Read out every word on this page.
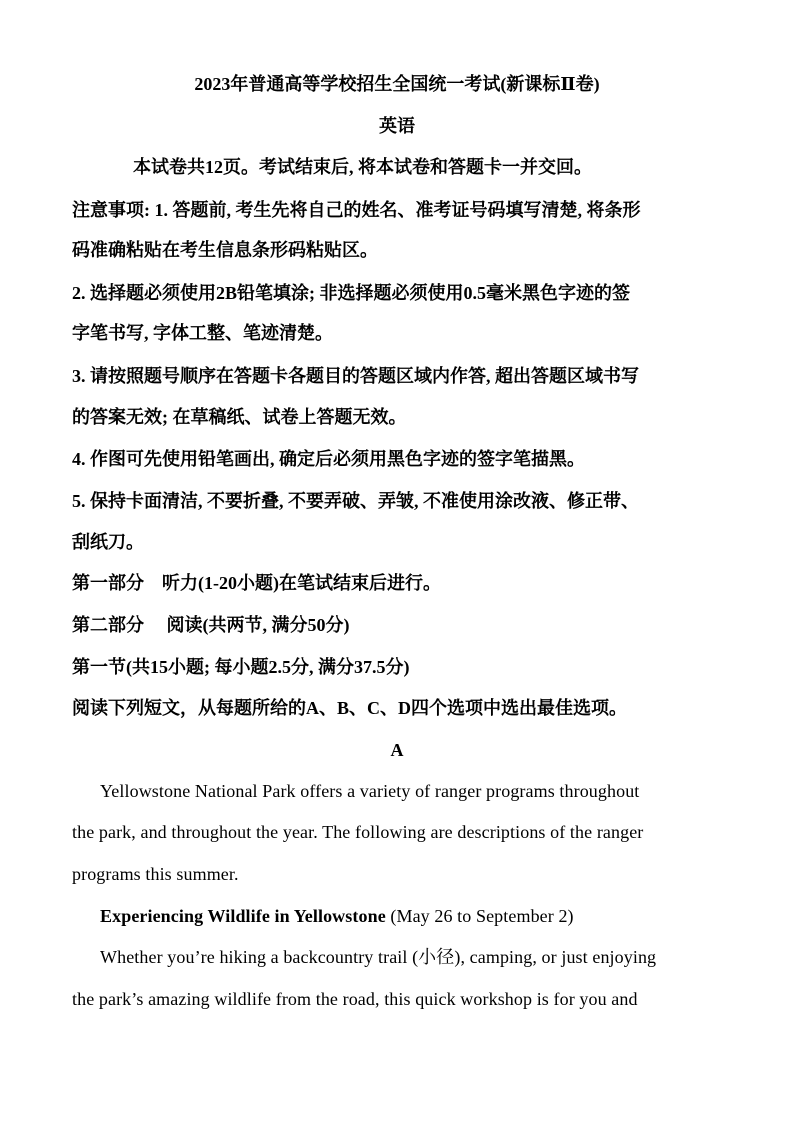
2023年普通高等学校招生全国统一考试(新课标Ⅱ卷)
英语
本试卷共12页。考试结束后, 将本试卷和答题卡一并交回。
注意事项: 1. 答题前, 考生先将自己的姓名、准考证号码填写清楚, 将条形
码准确粘贴在考生信息条形码粘贴区。
2. 选择题必须使用2B铅笔填涂; 非选择题必须使用0.5毫米黑色字迹的签
字笔书写, 字体工整、笔迹清楚。
3. 请按照题号顺序在答题卡各题目的答题区域内作答, 超出答题区域书写
的答案无效; 在草稿纸、试卷上答题无效。
4. 作图可先使用铅笔画出, 确定后必须用黑色字迹的签字笔描黑。
5. 保持卡面清洁, 不要折叠, 不要弄破、弄皱, 不准使用涂改液、修正带、
刮纸刀。
第一部分　听力(1-20小题)在笔试结束后进行。
第二部分　 阅读(共两节, 满分50分)
第一节(共15小题; 每小题2.5分, 满分37.5分)
阅读下列短文，从每题所给的A、B、C、D四个选项中选出最佳选项。
A
Yellowstone National Park offers a variety of ranger programs throughout
the park, and throughout the year. The following are descriptions of the ranger
programs this summer.
Experiencing Wildlife in Yellowstone (May 26 to September 2)
Whether you’re hiking a backcountry trail (小径), camping, or just enjoying
the park’s amazing wildlife from the road, this quick workshop is for you and
